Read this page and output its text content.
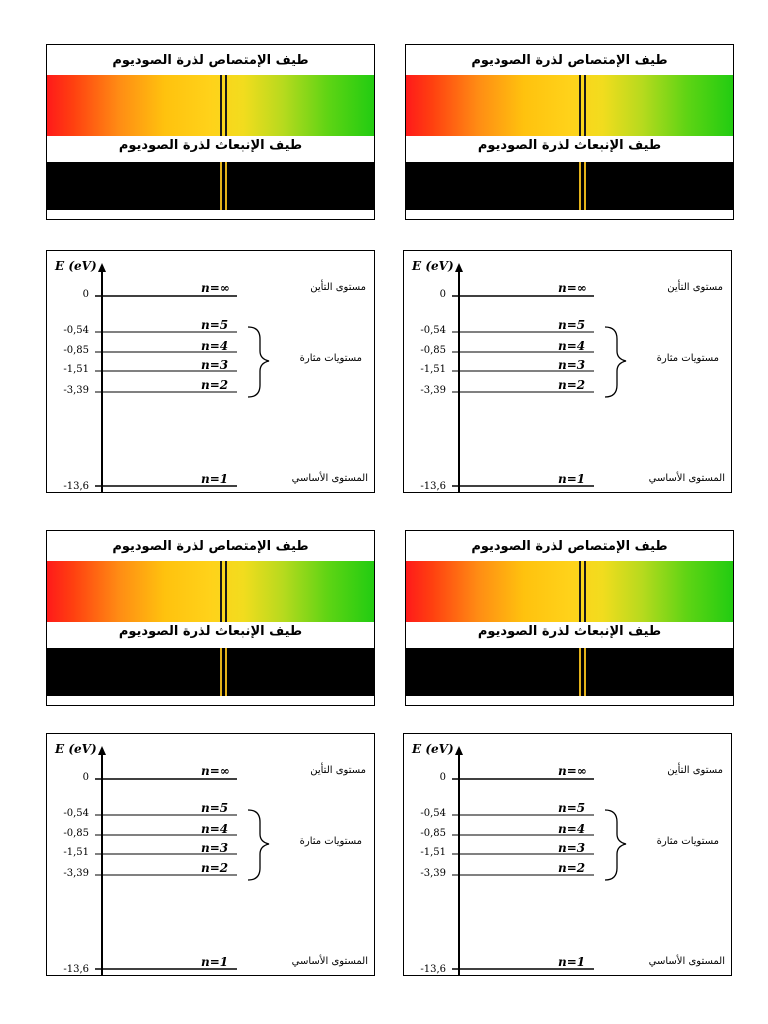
طيف الإمتصاص لذرة الصوديوم
طيف الإنبعاث لذرة الصوديوم
طيف الإمتصاص لذرة الصوديوم
طيف الإنبعاث لذرة الصوديوم
E (eV)
0	n=∞
-0,54	n=5
-0,85	n=4
-1,51	n=3
-3,39	n=2
-13,6
n=1
مستوى التأين
مستويات مثارة
المستوى الأساسي
E (eV)
0	n=∞
-0,54	n=5
-0,85	n=4
-1,51	n=3
-3,39	n=2
-13,6
n=1
مستوى التأين
مستويات مثارة
المستوى الأساسي
طيف الإمتصاص لذرة الصوديوم
طيف الإنبعاث لذرة الصوديوم
طيف الإمتصاص لذرة الصوديوم
طيف الإنبعاث لذرة الصوديوم
E (eV)
0	n=∞
-0,54	n=5
-0,85	n=4
-1,51	n=3
-3,39	n=2
-13,6
n=1
مستوى التأين
مستويات مثارة
المستوى الأساسي
E (eV)
0	n=∞
-0,54	n=5
-0,85	n=4
-1,51	n=3
-3,39	n=2
-13,6
n=1
مستوى التأين
مستويات مثارة
المستوى الأساسي
